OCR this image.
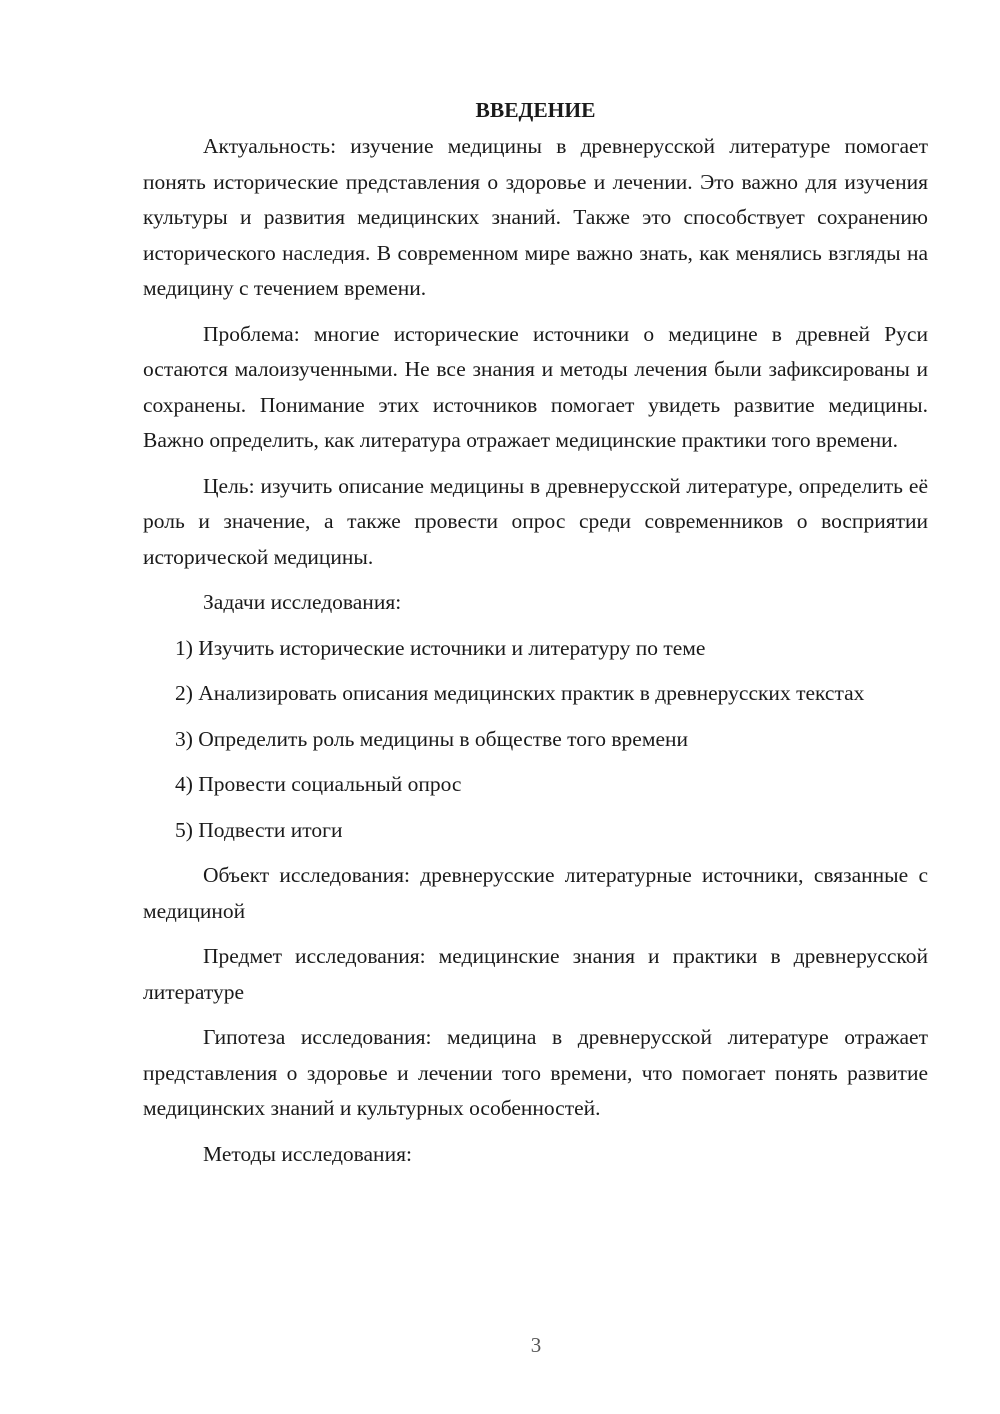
ВВЕДЕНИЕ

Актуальность: изучение медицины в древнерусской литературе помогает понять исторические представления о здоровье и лечении. Это важно для изучения культуры и развития медицинских знаний. Также это способствует сохранению исторического наследия. В современном мире важно знать, как менялись взгляды на медицину с течением времени.

Проблема: многие исторические источники о медицине в древней Руси остаются малоизученными. Не все знания и методы лечения были зафиксированы и сохранены. Понимание этих источников помогает увидеть развитие медицины. Важно определить, как литература отражает медицинские практики того времени.

Цель: изучить описание медицины в древнерусской литературе, определить её роль и значение, а также провести опрос среди современников о восприятии исторической медицины.

Задачи исследования:

1) Изучить исторические источники и литературу по теме

2) Анализировать описания медицинских практик в древнерусских текстах

3) Определить роль медицины в обществе того времени

4) Провести социальный опрос

5) Подвести итоги

Объект исследования: древнерусские литературные источники, связанные с медициной

Предмет исследования: медицинские знания и практики в древнерусской литературе

Гипотеза исследования: медицина в древнерусской литературе отражает представления о здоровье и лечении того времени, что помогает понять развитие медицинских знаний и культурных особенностей.

Методы исследования:

3
